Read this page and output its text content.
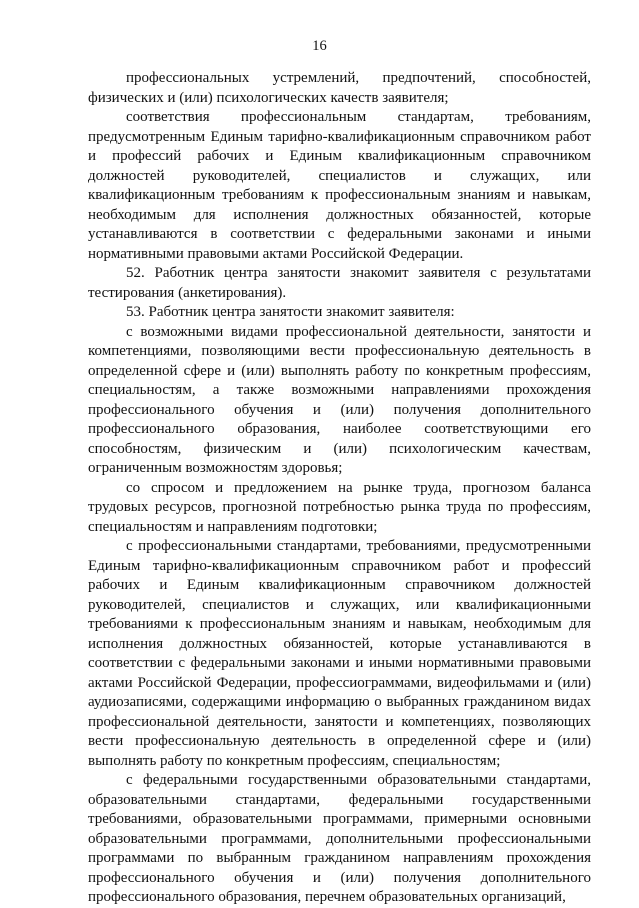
16

профессиональных устремлений, предпочтений, способностей, физических и (или) психологических качеств заявителя;

соответствия профессиональным стандартам, требованиям, предусмотренным Единым тарифно-квалификационным справочником работ и профессий рабочих и Единым квалификационным справочником должностей руководителей, специалистов и служащих, или квалификационным требованиям к профессиональным знаниям и навыкам, необходимым для исполнения должностных обязанностей, которые устанавливаются в соответствии с федеральными законами и иными нормативными правовыми актами Российской Федерации.

52. Работник центра занятости знакомит заявителя с результатами тестирования (анкетирования).

53. Работник центра занятости знакомит заявителя:

с возможными видами профессиональной деятельности, занятости и компетенциями, позволяющими вести профессиональную деятельность в определенной сфере и (или) выполнять работу по конкретным профессиям, специальностям, а также возможными направлениями прохождения профессионального обучения и (или) получения дополнительного профессионального образования, наиболее соответствующими его способностям, физическим и (или) психологическим качествам, ограниченным возможностям здоровья;

со спросом и предложением на рынке труда, прогнозом баланса трудовых ресурсов, прогнозной потребностью рынка труда по профессиям, специальностям и направлениям подготовки;

с профессиональными стандартами, требованиями, предусмотренными Единым тарифно-квалификационным справочником работ и профессий рабочих и Единым квалификационным справочником должностей руководителей, специалистов и служащих, или квалификационными требованиями к профессиональным знаниям и навыкам, необходимым для исполнения должностных обязанностей, которые устанавливаются в соответствии с федеральными законами и иными нормативными правовыми актами Российской Федерации, профессиограммами, видеофильмами и (или) аудиозаписями, содержащими информацию о выбранных гражданином видах профессиональной деятельности, занятости и компетенциях, позволяющих вести профессиональную деятельность в определенной сфере и (или) выполнять работу по конкретным профессиям, специальностям;

с федеральными государственными образовательными стандартами, образовательными стандартами, федеральными государственными требованиями, образовательными программами, примерными основными образовательными программами, дополнительными профессиональными программами по выбранным гражданином направлениям прохождения профессионального обучения и (или) получения дополнительного профессионального образования, перечнем образовательных организаций,
